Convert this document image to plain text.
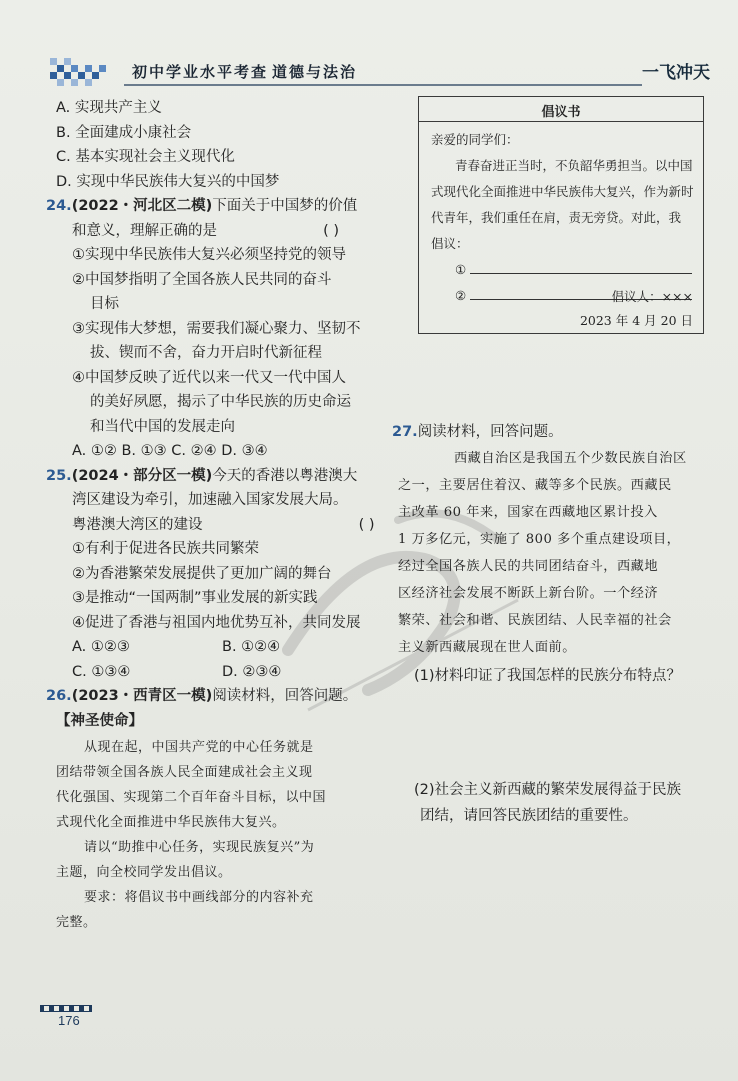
初中学业水平考查 道德与法治	一飞冲天
A. 实现共产主义
B. 全面建成小康社会
C. 基本实现社会主义现代化
D. 实现中华民族伟大复兴的中国梦
24.(2022・河北区二模)下面关于中国梦的价值
和意义，理解正确的是	( )
①实现中华民族伟大复兴必须坚持党的领导
②中国梦指明了全国各族人民共同的奋斗
目标
③实现伟大梦想，需要我们凝心聚力、坚韧不
拔、锲而不舍，奋力开启时代新征程
④中国梦反映了近代以来一代又一代中国人
的美好夙愿，揭示了中华民族的历史命运
和当代中国的发展走向
A. ①② B. ①③ C. ②④ D. ③④
25.(2024・部分区一模)今天的香港以粤港澳大
湾区建设为牵引，加速融入国家发展大局。
粤港澳大湾区的建设	( )
①有利于促进各民族共同繁荣
②为香港繁荣发展提供了更加广阔的舞台
③是推动“一国两制”事业发展的新实践
④促进了香港与祖国内地优势互补，共同发展
A. ①②③	B. ①②④
C. ①③④	D. ②③④
26.(2023・西青区一模)阅读材料，回答问题。
【神圣使命】
从现在起，中国共产党的中心任务就是
团结带领全国各族人民全面建成社会主义现
代化强国、实现第二个百年奋斗目标，以中国
式现代化全面推进中华民族伟大复兴。
请以“助推中心任务，实现民族复兴”为
主题，向全校同学发出倡议。
要求：将倡议书中画线部分的内容补充
完整。
倡议书
亲爱的同学们：
青春奋进正当时，不负韶华勇担当。以中国
式现代化全面推进中华民族伟大复兴，作为新时
代青年，我们重任在肩，责无旁贷。对此，我
倡议：
①
②	倡议人：×××
2023 年 4 月 20 日
27.阅读材料，回答问题。
西藏自治区是我国五个少数民族自治区
之一，主要居住着汉、藏等多个民族。西藏民
主改革 60 年来，国家在西藏地区累计投入
1 万多亿元，实施了 800 多个重点建设项目，
经过全国各族人民的共同团结奋斗，西藏地
区经济社会发展不断跃上新台阶。一个经济
繁荣、社会和谐、民族团结、人民幸福的社会
主义新西藏展现在世人面前。
(1)材料印证了我国怎样的民族分布特点？
(2)社会主义新西藏的繁荣发展得益于民族
团结，请回答民族团结的重要性。
176
